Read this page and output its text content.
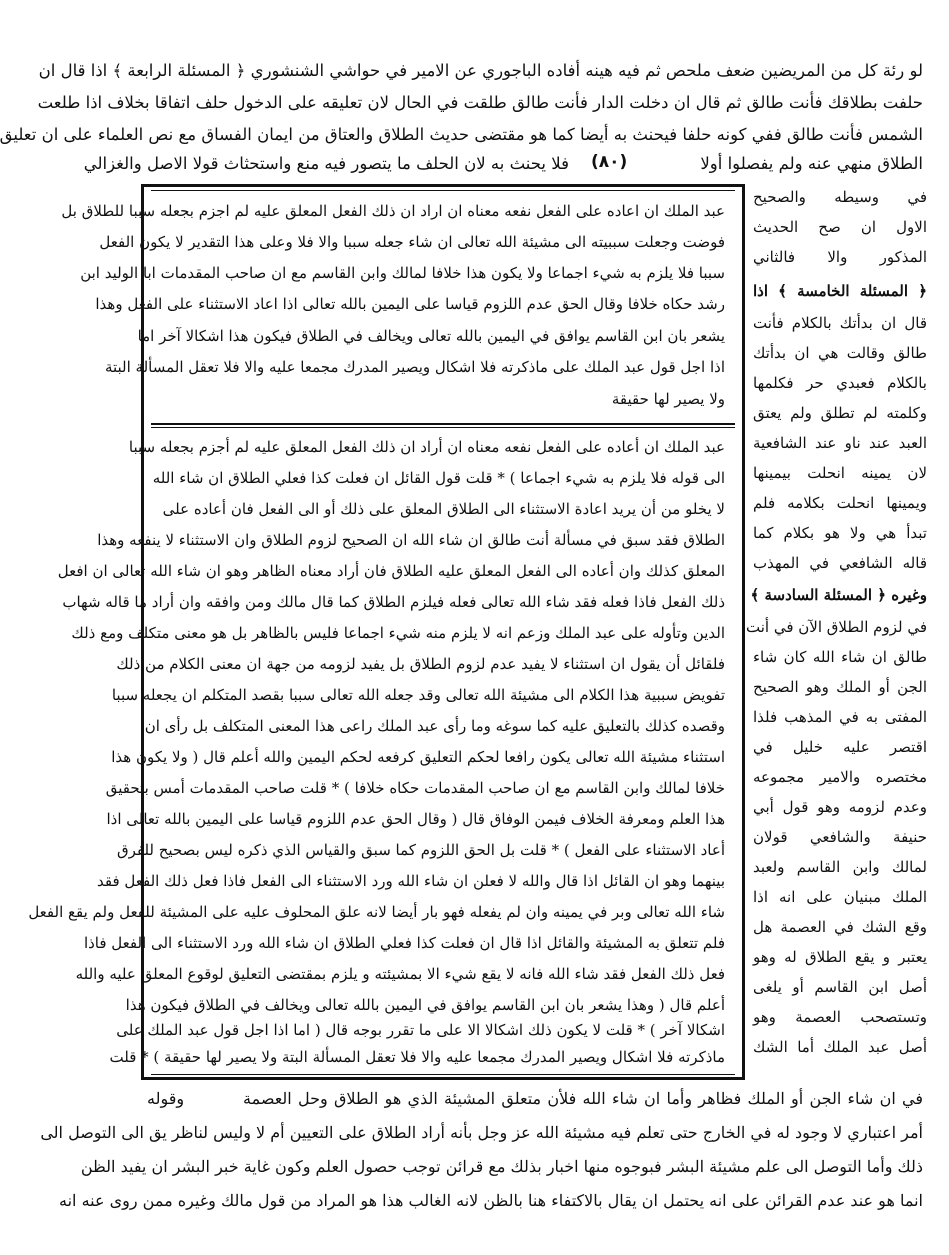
لو رئة كل من المريضين ضعف ملحص ثم فيه هينه أفاده الباجوري عن الامير في حواشي الشنشوري ﴿ المسئلة الرابعة ﴾ اذا قال ان
حلفت بطلاقك فأنت طالق ثم قال ان دخلت الدار فأنت طالق طلقت في الحال لان تعليقه على الدخول حلف اتفاقا بخلاف اذا طلعت
الشمس فأنت طالق ففي كونه حلفا فيحنث به أيضا كما هو مقتضى حديث الطلاق والعتاق من ايمان الفساق مع نص العلماء على ان تعليق
الطلاق منهي عنه ولم يفصلوا أولا
فلا يحنث به لان الحلف ما يتصور فيه منع واستحثاث قولا الاصل والغزالي (٨٠)
عبد الملك ان اعاده على الفعل نفعه معناه ان اراد ان ذلك الفعل المعلق عليه لم اجزم بجعله سببا للطلاق بل
فوضت وجعلت سببيته الى مشيئة الله تعالى ان شاء جعله سببا والا فلا وعلى هذا التقدير لا يكون الفعل
سببا فلا يلزم به شيء اجماعا ولا يكون هذا خلافا لمالك وابن القاسم مع ان صاحب المقدمات ابا الوليد ابن
رشد حكاه خلافا وقال الحق عدم اللزوم قياسا على اليمين بالله تعالى اذا اعاد الاستثناء على الفعل وهذا
يشعر بان ابن القاسم يوافق في اليمين بالله تعالى ويخالف في الطلاق فيكون هذا اشكالا آخر اما
اذا اجل قول عبد الملك على ماذكرته فلا اشكال ويصير المدرك مجمعا عليه والا فلا تعقل المسألة البتة
ولا يصير لها حقيقة
عبد الملك ان أعاده على الفعل نفعه معناه ان أراد ان ذلك الفعل المعلق عليه لم أجزم بجعله سببا
الى قوله فلا يلزم به شيء اجماعا ) * قلت قول القائل ان فعلت كذا فعلي الطلاق ان شاء الله
لا يخلو من أن يريد اعادة الاستثناء الى الطلاق المعلق على ذلك أو الى الفعل فان أعاده على
الطلاق فقد سبق في مسألة أنت طالق ان شاء الله ان الصحيح لزوم الطلاق وان الاستثناء لا ينفعه وهذا
المعلق كذلك وان أعاده الى الفعل المعلق عليه الطلاق فان أراد معناه الظاهر وهو ان شاء الله تعالى ان افعل
ذلك الفعل فاذا فعله فقد شاء الله تعالى فعله فيلزم الطلاق كما قال مالك ومن وافقه وان أراد ما قاله شهاب
الدين وتأوله على عبد الملك وزعم انه لا يلزم منه شيء اجماعا فليس بالظاهر بل هو معنى متكلف ومع ذلك
فلقائل أن يقول ان استثناء لا يفيد عدم لزوم الطلاق بل يفيد لزومه من جهة ان معنى الكلام من ذلك
تفويض سببية هذا الكلام الى مشيئة الله تعالى وقد جعله الله تعالى سببا بقصد المتكلم ان يجعله سببا
وقصده كذلك بالتعليق عليه كما سوغه وما رأى عبد الملك راعى هذا المعنى المتكلف بل رأى ان
استثناء مشيئة الله تعالى يكون رافعا لحكم التعليق كرفعه لحكم اليمين والله أعلم قال ( ولا يكون هذا
خلافا لمالك وابن القاسم مع ان صاحب المقدمات حكاه خلافا ) * قلت صاحب المقدمات أمس بتحقيق
هذا العلم ومعرفة الخلاف فيمن الوفاق قال ( وقال الحق عدم اللزوم قياسا على اليمين بالله تعالى اذا
أعاد الاستثناء على الفعل ) * قلت بل الحق اللزوم كما سبق والقياس الذي ذكره ليس بصحيح للفرق
بينهما وهو ان القائل اذا قال والله لا فعلن ان شاء الله ورد الاستثناء الى الفعل فاذا فعل ذلك الفعل فقد
شاء الله تعالى وبر في يمينه وان لم يفعله فهو بار أيضا لانه علق المحلوف عليه على المشيئة للفعل ولم يقع الفعل
فلم تتعلق به المشيئة والقائل اذا قال ان فعلت كذا فعلي الطلاق ان شاء الله ورد الاستثناء الى الفعل فاذا
فعل ذلك الفعل فقد شاء الله فانه لا يقع شيء الا بمشيئته و يلزم بمقتضى التعليق لوقوع المعلق عليه والله
أعلم قال ( وهذا يشعر بان ابن القاسم يوافق في اليمين بالله تعالى ويخالف في الطلاق فيكون هذا
اشكالا آخر ) * قلت لا يكون ذلك اشكالا الا على ما تقرر بوجه قال ( اما اذا اجل قول عبد الملك على
ماذكرته فلا اشكال ويصير المدرك مجمعا عليه والا فلا تعقل المسألة البتة ولا يصير لها حقيقة ) * قلت
في وسيطه والصحيح
الاول ان صح الحديث
المذكور والا فالثاني
﴿ المسئلة الخامسة ﴾ اذا
قال ان بدأتك بالكلام فأنت
طالق وقالت هي ان بدأتك
بالكلام فعبدي حر فكلمها
وكلمته لم تطلق ولم يعتق
العبد عند ناو عند الشافعية
لان يمينه انحلت بيمينها
ويمينها انحلت بكلامه فلم
تبدأ هي ولا هو بكلام كما
قاله الشافعي في المهذب
وغيره ﴿ المسئلة السادسة ﴾
في لزوم الطلاق الآن في أنت
طالق ان شاء الله كان شاء
الجن أو الملك وهو الصحيح
المفتى به في المذهب فلذا
اقتصر عليه خليل في
مختصره والامير مجموعه
وعدم لزومه وهو قول أبي
حنيفة والشافعي قولان
لمالك وابن القاسم ولعبد
الملك مبنيان على انه اذا
وقع الشك في العصمة هل
يعتبر و يقع الطلاق له وهو
أصل ابن القاسم أو يلغى
وتستصحب العصمة وهو
أصل عبد الملك أما الشك
في ان شاء الجن أو الملك فظاهر وأما ان شاء الله فلأن متعلق المشيئة الذي هو الطلاق وحل العصمة
وقوله
أمر اعتباري لا وجود له في الخارج حتى تعلم فيه مشيئة الله عز وجل بأنه أراد الطلاق على التعيين أم لا وليس لناظر يق الى التوصل الى
ذلك وأما التوصل الى علم مشيئة البشر فبوجوه منها اخبار بذلك مع قرائن توجب حصول العلم وكون غاية خبر البشر ان يفيد الظن
انما هو عند عدم القرائن على انه يحتمل ان يقال بالاكتفاء هنا بالظن لانه الغالب هذا هو المراد من قول مالك وغيره ممن روى عنه انه
